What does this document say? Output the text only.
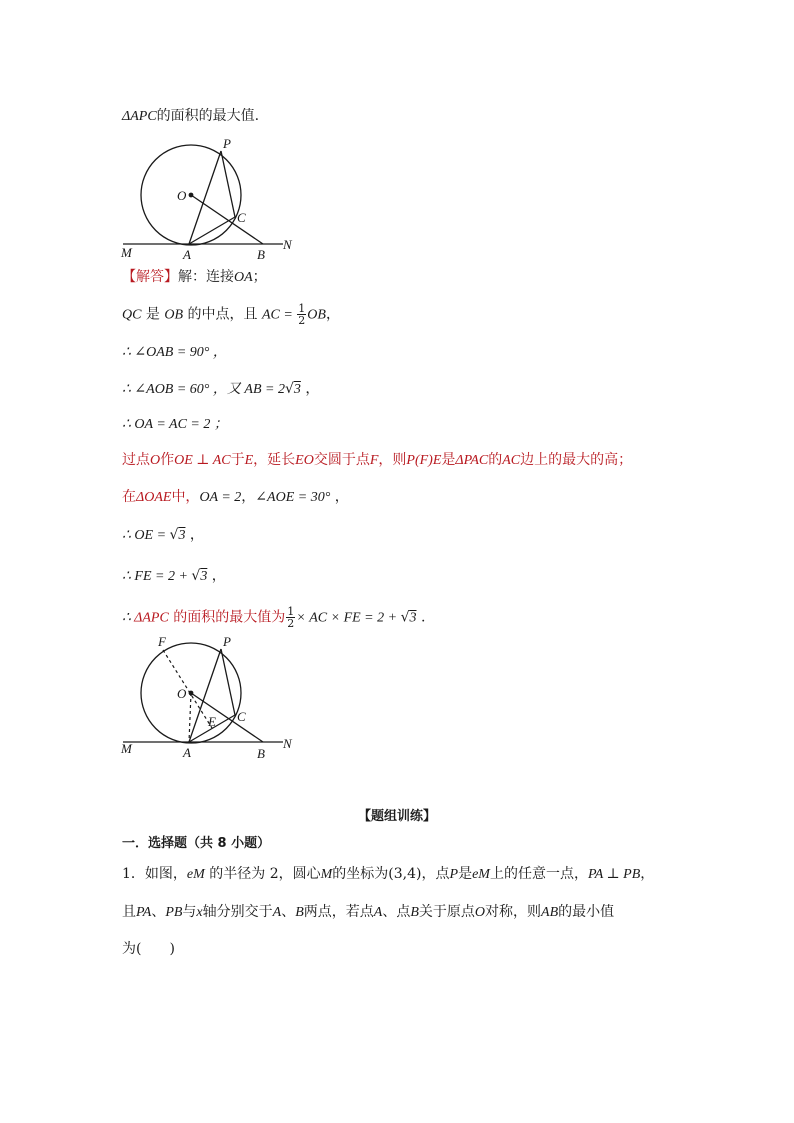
ΔAPC的面积的最大值.
P
O
C
M	A	B
N
【解答】解：连接OA；
QC 是 OB 的中点，且 AC = $\frac{1}{2}$ OB，
∴ ∠OAB = 90° ，
∴ ∠AOB = 60° ，又 AB = 2√3 ，
∴ OA = AC = 2 ；
过点O作OE ⊥ AC于E，延长EO交圆于点F，则P(F)E是ΔPAC的AC边上的最大的高；
在ΔOAE中，OA = 2，∠AOE = 30° ，
∴ OE = √3 ，
∴ FE = 2 + √3 ，
∴ ΔAPC 的面积的最大值为 $\frac{1}{2}$ × AC × FE = 2 + √3 .
F	P
O
E C
M	A	B
N
【题组训练】
一．选择题（共 8 小题）
1．如图，eM 的半径为 2，圆心M的坐标为(3,4)，点P是eM上的任意一点，PA ⊥ PB，
且PA、PB与x轴分别交于A、B两点，若点A、点B关于原点O对称，则AB的最小值
为(　　)
